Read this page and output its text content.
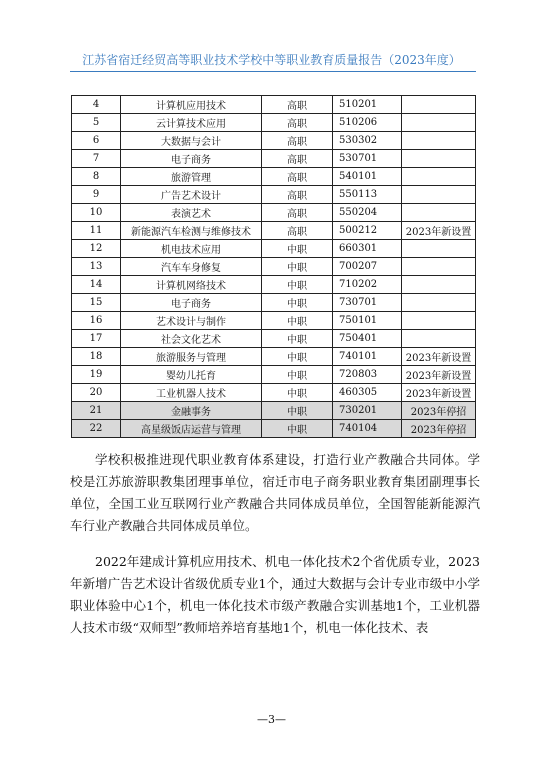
江苏省宿迁经贸高等职业技术学校中等职业教育质量报告（2023年度）
4	计算机应用技术	高职	510201	
5	云计算技术应用	高职	510206	
6	大数据与会计	高职	530302	
7	电子商务	高职	530701	
8	旅游管理	高职	540101	
9	广告艺术设计	高职	550113	
10	表演艺术	高职	550204	
11	新能源汽车检测与维修技术	高职	500212	2023年新设置
12	机电技术应用	中职	660301	
13	汽车车身修复	中职	700207	
14	计算机网络技术	中职	710202	
15	电子商务	中职	730701	
16	艺术设计与制作	中职	750101	
17	社会文化艺术	中职	750401	
18	旅游服务与管理	中职	740101	2023年新设置
19	婴幼儿托育	中职	720803	2023年新设置
20	工业机器人技术	中职	460305	2023年新设置
21	金融事务	中职	730201	2023年停招
22	高星级饭店运营与管理	中职	740104	2023年停招

学校积极推进现代职业教育体系建设，打造行业产教融合共同体。学校是江苏旅游职教集团理事单位，宿迁市电子商务职业教育集团副理事长单位，全国工业互联网行业产教融合共同体成员单位，全国智能新能源汽车行业产教融合共同体成员单位。

2022年建成计算机应用技术、机电一体化技术2个省优质专业，2023年新增广告艺术设计省级优质专业1个，通过大数据与会计专业市级中小学职业体验中心1个，机电一体化技术市级产教融合实训基地1个，工业机器人技术市级“双师型”教师培养培育基地1个，机电一体化技术、表

—3—
